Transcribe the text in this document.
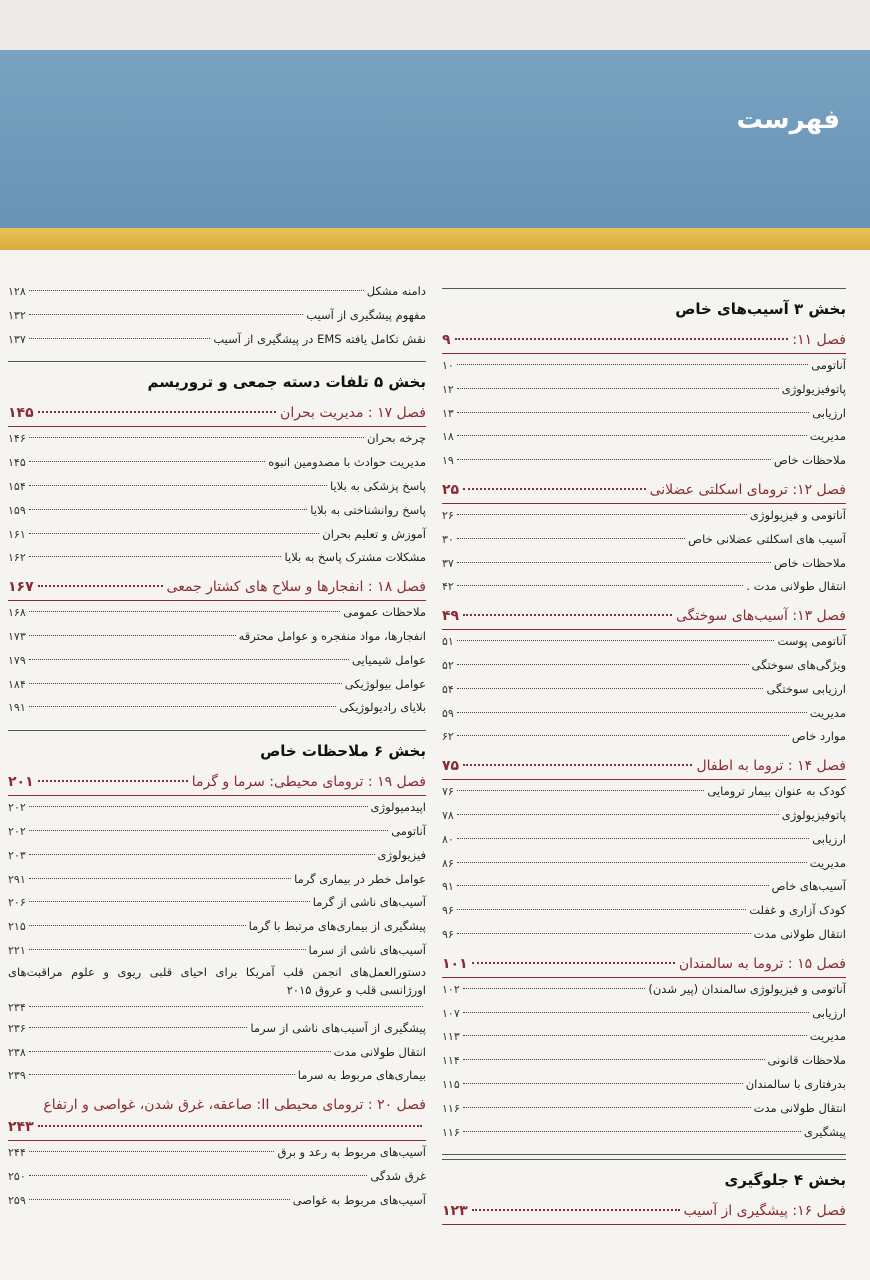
فهرست
بخش ۳ آسیب‌های خاص
فصل ۱۱:
۹
آناتومی
۱۰
پاتوفیزیولوژی
۱۲
ارزیابی
۱۳
مدیریت
۱۸
ملاحظات خاص
۱۹
فصل ۱۲: ترومای اسکلتی عضلانی
۲۵
آناتومی و فیزیولوژی
۲۶
آسیب های اسکلتی عضلانی خاص
۳۰
ملاحظات خاص
۳۷
انتقال طولانی مدت .
۴۲
فصل ۱۳: آسیب‌های سوختگی
۴۹
آناتومی پوست
۵۱
ویژگی‌های سوختگی
۵۲
ارزیابی سوختگی
۵۴
مدیریت
۵۹
موارد خاص
۶۲
فصل ۱۴ : تروما به اطفال
۷۵
کودک به عنوان بیمار ترومایی
۷۶
پاتوفیزیولوژی
۷۸
ارزیابی
۸۰
مدیریت
۸۶
آسیب‌های خاص
۹۱
کودک آزاری و غفلت
۹۶
انتقال طولانی مدت
۹۶
فصل ۱۵ : تروما به سالمندان
۱۰۱
آناتومی و فیزیولوژی سالمندان (پیر شدن)
۱۰۲
ارزیابی
۱۰۷
مدیریت
۱۱۳
ملاحظات قانونی
۱۱۴
بدرفتاری با سالمندان
۱۱۵
انتقال طولانی مدت
۱۱۶
پیشگیری
۱۱۶
بخش ۴ جلوگیری
فصل ۱۶: پیشگیری از آسیب
۱۲۳
دامنه مشکل
۱۲۸
مفهوم پیشگیری از آسیب
۱۳۲
نقش تکامل یافته EMS در پیشگیری از آسیب
۱۳۷
بخش ۵ تلفات دسته جمعی و تروریسم
فصل ۱۷ : مدیریت بحران
۱۴۵
چرخه بحران
۱۴۶
مدیریت حوادث با مصدومین انبوه
۱۴۵
پاسخ پزشکی به بلایا
۱۵۴
پاسخ روانشناختی به بلایا
۱۵۹
آموزش و تعلیم بحران
۱۶۱
مشکلات مشترک پاسخ به بلایا
۱۶۲
فصل ۱۸ : انفجارها و سلاح های کشتار جمعی
۱۶۷
ملاحظات عمومی
۱۶۸
انفجارها، مواد منفجره و عوامل محترقه
۱۷۳
عوامل شیمیایی
۱۷۹
عوامل بیولوژیکی
۱۸۴
بلایای رادیولوژیکی
۱۹۱
بخش ۶ ملاحظات خاص
فصل ۱۹ : ترومای محیطی: سرما و گرما
۲۰۱
اپیدمیولوژی
۲۰۲
آناتومی
۲۰۲
فیزیولوژی
۲۰۳
عوامل خطر در بیماری گرما
۲۹۱
آسیب‌های ناشی از گرما
۲۰۶
پیشگیری از بیماری‌های مرتبط با گرما
۲۱۵
آسیب‌های ناشی از سرما
۲۲۱
دستورالعمل‌های انجمن قلب آمریکا برای احیای قلبی ریوی و علوم مراقبت‌های اورژانسی قلب و عروق ۲۰۱۵
۲۳۴
پیشگیری از آسیب‌های ناشی از سرما
۲۳۶
انتقال طولانی مدت
۲۳۸
بیماری‌های مربوط به سرما
۲۳۹
فصل ۲۰ : ترومای محیطی II: صاعقه، غرق شدن، غواصی و ارتفاع
۲۴۳
آسیب‌های مربوط به رعد و برق
۲۴۴
غرق شدگی
۲۵۰
آسیب‌های مربوط به غواصی
۲۵۹
